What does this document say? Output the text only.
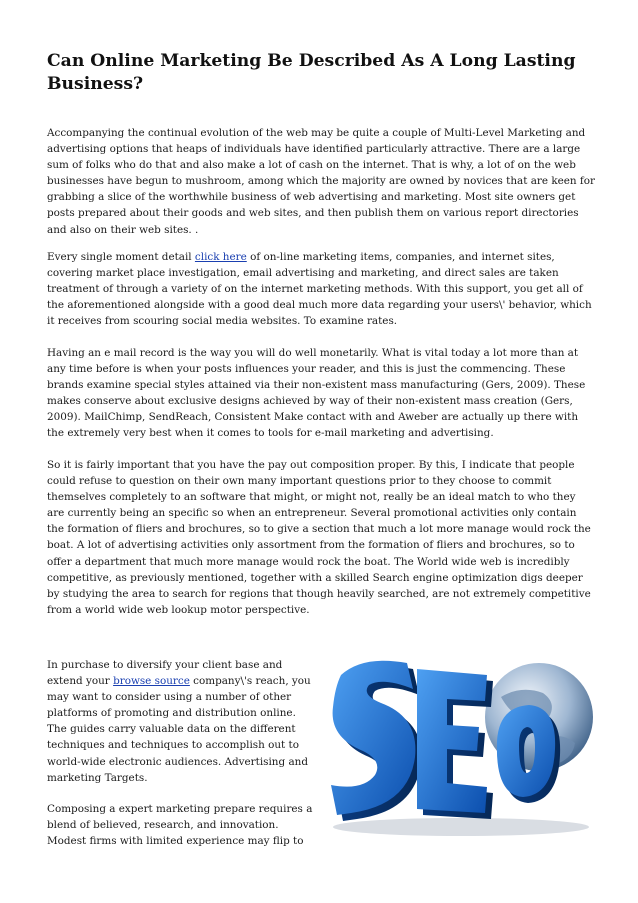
Can Online Marketing Be Described As A Long Lasting Business?

Accompanying the continual evolution of the web may be quite a couple of Multi-Level Marketing and advertising options that heaps of individuals have identified particularly attractive. There are a large sum of folks who do that and also make a lot of cash on the internet. That is why, a lot of on the web businesses have begun to mushroom, among which the majority are owned by novices that are keen for grabbing a slice of the worthwhile business of web advertising and marketing. Most site owners get posts prepared about their goods and web sites, and then publish them on various report directories and also on their web sites. .

Every single moment detail click here of on-line marketing items, companies, and internet sites, covering market place investigation, email advertising and marketing, and direct sales are taken treatment of through a variety of on the internet marketing methods. With this support, you get all of the aforementioned alongside with a good deal much more data regarding your users\' behavior, which it receives from scouring social media websites. To examine rates.

Having an e mail record is the way you will do well monetarily. What is vital today a lot more than at any time before is when your posts influences your reader, and this is just the commencing. These brands examine special styles attained via their non-existent mass manufacturing (Gers, 2009). These makes conserve about exclusive designs achieved by way of their non-existent mass creation (Gers, 2009). MailChimp, SendReach, Consistent Make contact with and Aweber are actually up there with the extremely very best when it comes to tools for e-mail marketing and advertising.

So it is fairly important that you have the pay out composition proper. By this, I indicate that people could refuse to question on their own many important questions prior to they choose to commit themselves completely to an software that might, or might not, really be an ideal match to who they are currently being an specific so when an entrepreneur. Several promotional activities only contain the formation of fliers and brochures, so to give a section that much a lot more manage would rock the boat. A lot of advertising activities only assortment from the formation of fliers and brochures, so to offer a department that much more manage would rock the boat. The World wide web is incredibly competitive, as previously mentioned, together with a skilled Search engine optimization digs deeper by studying the area to search for regions that though heavily searched, are not extremely competitive from a world wide web lookup motor perspective.

In purchase to diversify your client base and extend your browse source company\'s reach, you may want to consider using a number of other platforms of promoting and distribution online. The guides carry valuable data on the different techniques and techniques to accomplish out to world-wide electronic audiences. Advertising and marketing Targets.

Composing a expert marketing prepare requires a blend of believed, research, and innovation. Modest firms with limited experience may flip to
